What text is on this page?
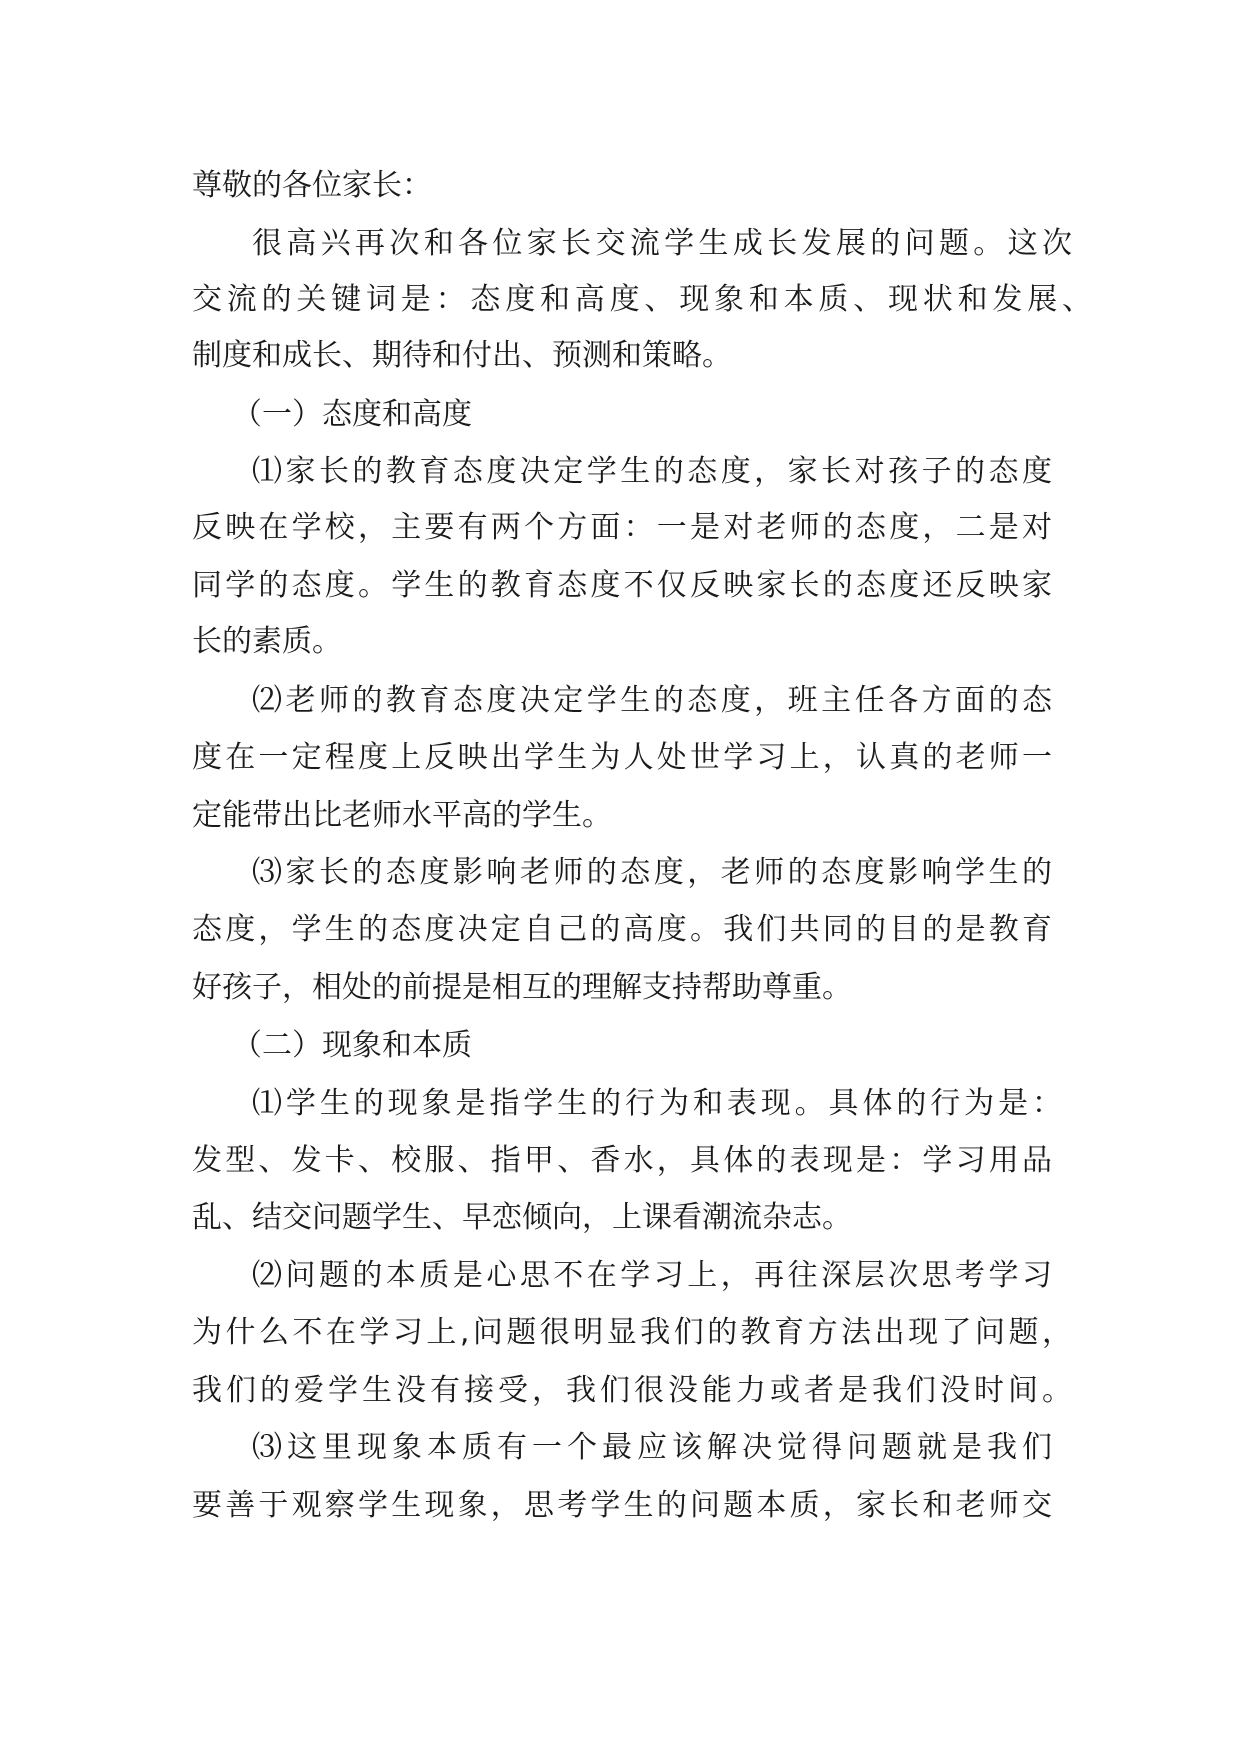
尊敬的各位家长：
很高兴再次和各位家长交流学生成长发展的问题。这次
交流的关键词是：态度和高度、现象和本质、现状和发展、
制度和成长、期待和付出、预测和策略。
（一）态度和高度
⑴家长的教育态度决定学生的态度，家长对孩子的态度
反映在学校，主要有两个方面：一是对老师的态度，二是对
同学的态度。学生的教育态度不仅反映家长的态度还反映家
长的素质。
⑵老师的教育态度决定学生的态度，班主任各方面的态
度在一定程度上反映出学生为人处世学习上，认真的老师一
定能带出比老师水平高的学生。
⑶家长的态度影响老师的态度，老师的态度影响学生的
态度，学生的态度决定自己的高度。我们共同的目的是教育
好孩子，相处的前提是相互的理解支持帮助尊重。
（二）现象和本质
⑴学生的现象是指学生的行为和表现。具体的行为是：
发型、发卡、校服、指甲、香水，具体的表现是：学习用品
乱、结交问题学生、早恋倾向，上课看潮流杂志。
⑵问题的本质是心思不在学习上，再往深层次思考学习
为什么不在学习上,问题很明显我们的教育方法出现了问题，
我们的爱学生没有接受，我们很没能力或者是我们没时间。
⑶这里现象本质有一个最应该解决觉得问题就是我们
要善于观察学生现象，思考学生的问题本质，家长和老师交
